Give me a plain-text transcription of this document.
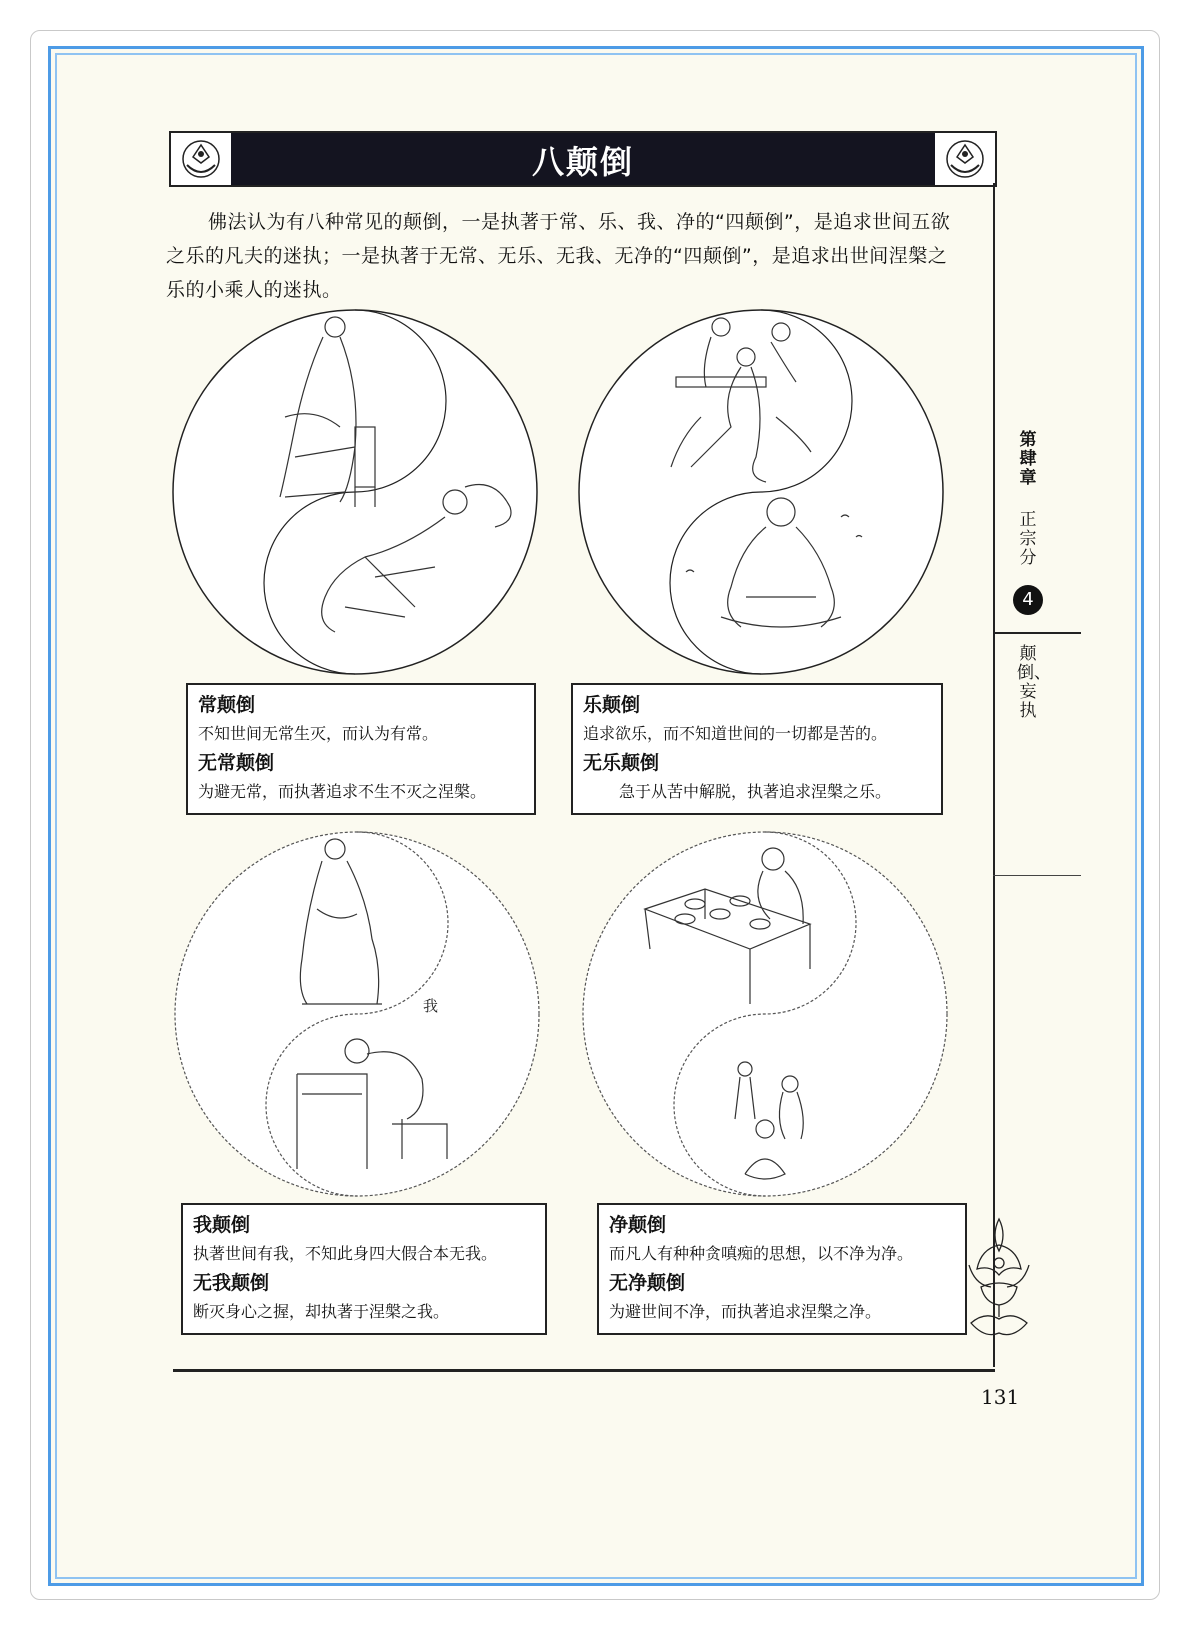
八颠倒
佛法认为有八种常见的颠倒，一是执著于常、乐、我、净的“四颠倒”，是追求世间五欲之乐的凡夫的迷执；一是执著于无常、无乐、无我、无净的“四颠倒”，是追求出世间涅槃之乐的小乘人的迷执。
常颠倒
不知世间无常生灭，而认为有常。
无常颠倒
为避无常，而执著追求不生不灭之涅槃。
乐颠倒
追求欲乐，而不知道世间的一切都是苦的。
无乐颠倒
急于从苦中解脱，执著追求涅槃之乐。
我
我颠倒
执著世间有我，不知此身四大假合本无我。
无我颠倒
断灭身心之握，却执著于涅槃之我。
净颠倒
而凡人有种种贪嗔痴的思想，以不净为净。
无净颠倒
为避世间不净，而执著追求涅槃之净。
第肆章
正宗分
4
颠倒、妄执
131
